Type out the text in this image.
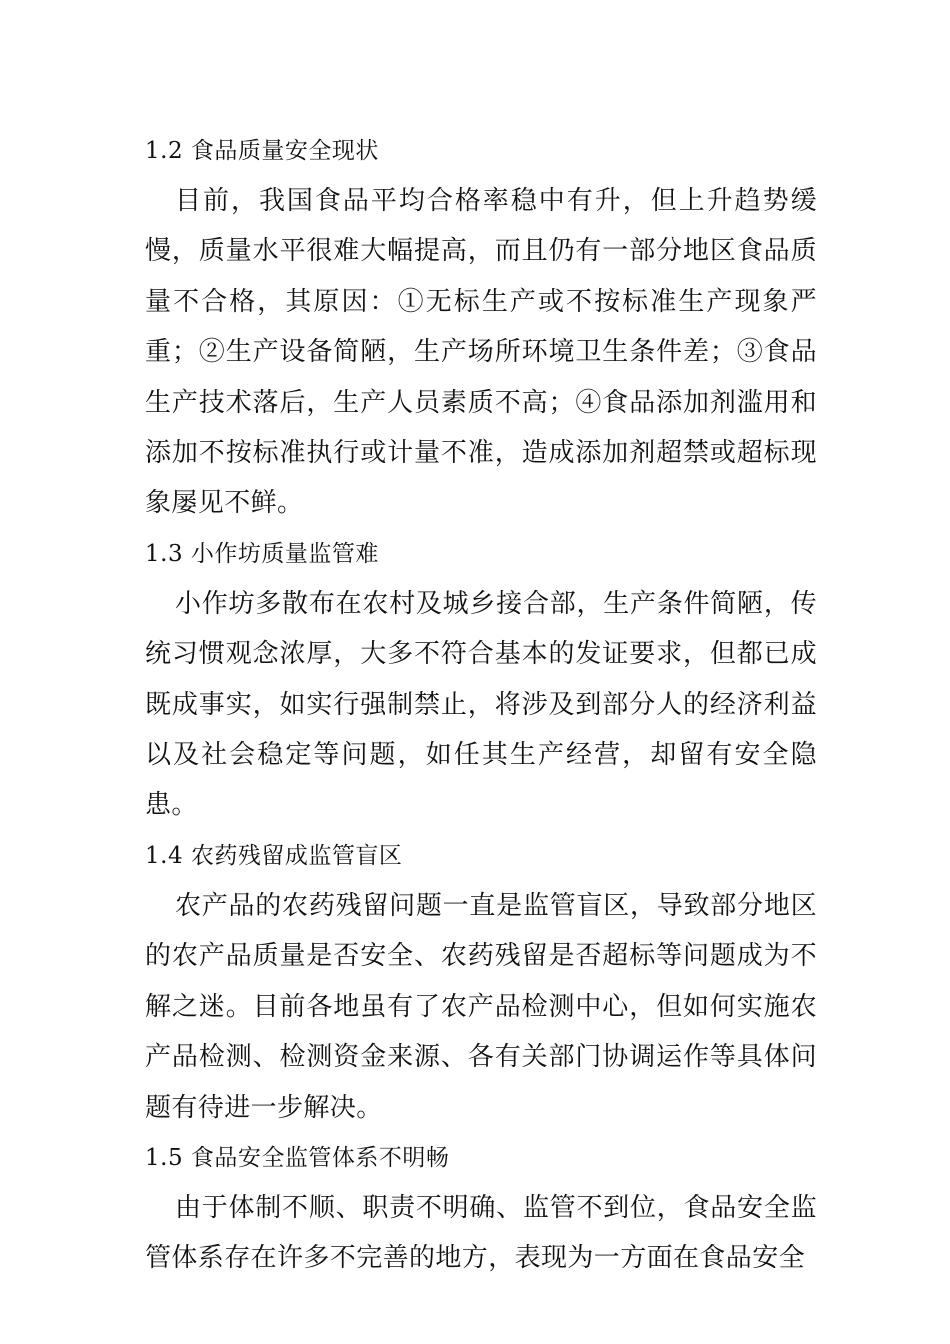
1.2 食品质量安全现状

目前，我国食品平均合格率稳中有升，但上升趋势缓慢，质量水平很难大幅提高，而且仍有一部分地区食品质量不合格，其原因：①无标生产或不按标准生产现象严重；②生产设备简陋，生产场所环境卫生条件差；③食品生产技术落后，生产人员素质不高；④食品添加剂滥用和添加不按标准执行或计量不准，造成添加剂超禁或超标现象屡见不鲜。

1.3 小作坊质量监管难

小作坊多散布在农村及城乡接合部，生产条件简陋，传统习惯观念浓厚，大多不符合基本的发证要求，但都已成既成事实，如实行强制禁止，将涉及到部分人的经济利益以及社会稳定等问题，如任其生产经营，却留有安全隐患。

1.4 农药残留成监管盲区

农产品的农药残留问题一直是监管盲区，导致部分地区的农产品质量是否安全、农药残留是否超标等问题成为不解之迷。目前各地虽有了农产品检测中心，但如何实施农产品检测、检测资金来源、各有关部门协调运作等具体问题有待进一步解决。

1.5 食品安全监管体系不明畅

由于体制不顺、职责不明确、监管不到位，食品安全监管体系存在许多不完善的地方，表现为一方面在食品安全
